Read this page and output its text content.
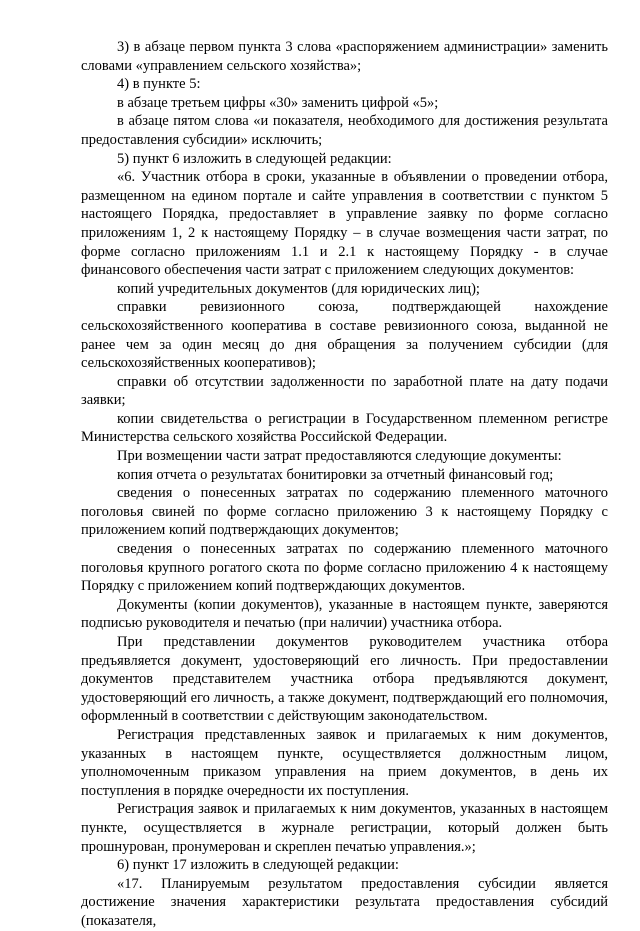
3) в абзаце первом пункта 3 слова «распоряжением администрации» заменить словами «управлением сельского хозяйства»;

4) в пункте 5:

в абзаце третьем цифры «30» заменить цифрой «5»;

в абзаце пятом слова «и показателя, необходимого для достижения результата предоставления субсидии» исключить;

5) пункт 6 изложить в следующей редакции:

«6. Участник отбора в сроки, указанные в объявлении о проведении отбора, размещенном на едином портале и сайте управления в соответствии с пунктом 5 настоящего Порядка, предоставляет в управление заявку по форме согласно приложениям 1, 2 к настоящему Порядку – в случае возмещения части затрат, по форме согласно приложениям 1.1 и 2.1 к настоящему Порядку - в случае финансового обеспечения части затрат с приложением следующих документов:

копий учредительных документов (для юридических лиц);

справки ревизионного союза, подтверждающей нахождение сельскохозяйственного кооператива в составе ревизионного союза, выданной не ранее чем за один месяц до дня обращения за получением субсидии (для сельскохозяйственных кооперативов);

справки об отсутствии задолженности по заработной плате на дату подачи заявки;

копии свидетельства о регистрации в Государственном племенном регистре Министерства сельского хозяйства Российской Федерации.

При возмещении части затрат предоставляются следующие документы:

копия отчета о результатах бонитировки за отчетный финансовый год;

сведения о понесенных затратах по содержанию племенного маточного поголовья свиней по форме согласно приложению 3 к настоящему Порядку с приложением копий подтверждающих документов;

сведения о понесенных затратах по содержанию племенного маточного поголовья крупного рогатого скота по форме согласно приложению 4 к настоящему Порядку с приложением копий подтверждающих документов.

Документы (копии документов), указанные в настоящем пункте, заверяются подписью руководителя и печатью (при наличии) участника отбора.

При представлении документов руководителем участника отбора предъявляется документ, удостоверяющий его личность. При предоставлении документов представителем участника отбора предъявляются документ, удостоверяющий его личность, а также документ, подтверждающий его полномочия, оформленный в соответствии с действующим законодательством.

Регистрация представленных заявок и прилагаемых к ним документов, указанных в настоящем пункте, осуществляется должностным лицом, уполномоченным приказом управления на прием документов, в день их поступления в порядке очередности их поступления.

Регистрация заявок и прилагаемых к ним документов, указанных в настоящем пункте, осуществляется в журнале регистрации, который должен быть прошнурован, пронумерован и скреплен печатью управления.»;

6) пункт 17 изложить в следующей редакции:

«17. Планируемым результатом предоставления субсидии является достижение значения характеристики результата предоставления субсидий (показателя,
